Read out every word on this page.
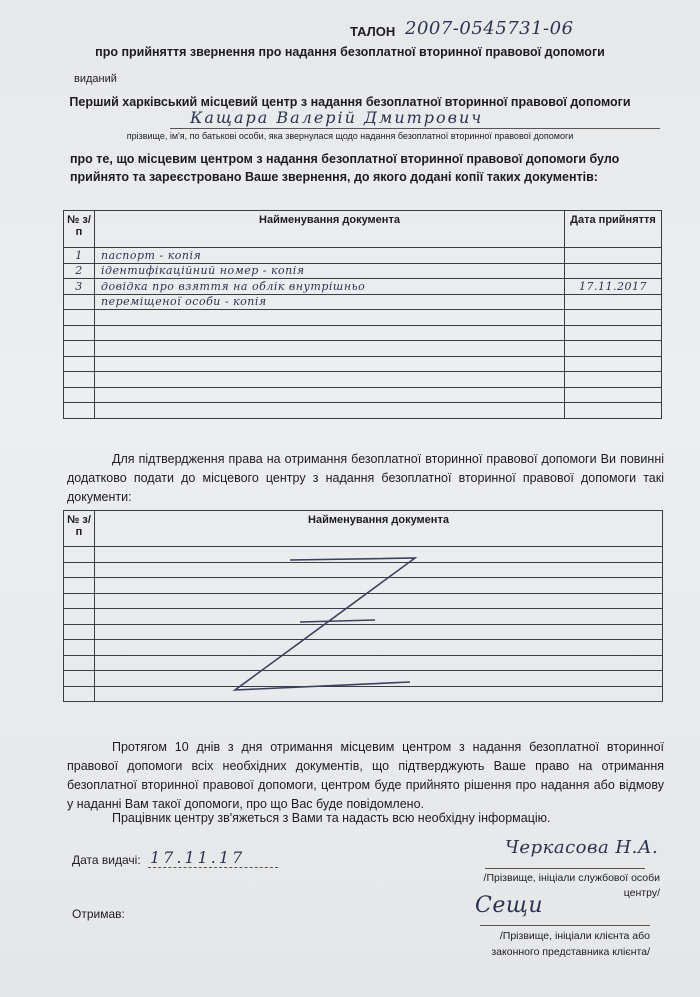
ТАЛОН 2007-0545731-06
про прийняття звернення про надання безоплатної вторинної правової допомоги
виданий
Перший харківський місцевий центр з надання безоплатної вторинної правової допомоги
Кащара Валерій Дмитрович
прізвище, ім'я, по батькові особи, яка звернулася щодо надання безоплатної вторинної правової допомоги
про те, що місцевим центром з надання безоплатної вторинної правової допомоги було прийнято та зареєстровано Ваше звернення, до якого додані копії таких документів:
№ з/п	Найменування документа	Дата прийняття
1	паспорт - копія	
2	ідентифікаційний номер - копія	
3	довідка про взяття на облік внутрішньо	17.11.2017
	переміщеної особи - копія	

Для підтвердження права на отримання безоплатної вторинної правової допомоги Ви повинні додатково подати до місцевого центру з надання безоплатної вторинної правової допомоги такі документи:
№ з/п	Найменування документа

Протягом 10 днів з дня отримання місцевим центром з надання безоплатної вторинної правової допомоги всіх необхідних документів, що підтверджують Ваше право на отримання безоплатної вторинної правової допомоги, центром буде прийнято рішення про надання або відмову у наданні Вам такої допомоги, про що Вас буде повідомлено.
Працівник центру зв'яжеться з Вами та надасть всю необхідну інформацію.
Дата видачі: 17.11.17	Черкасова Н.А.
/Прізвище, ініціали службової особи центру/
Отримав:	Сещи
/Прізвище, ініціали клієнта або законного представника клієнта/
